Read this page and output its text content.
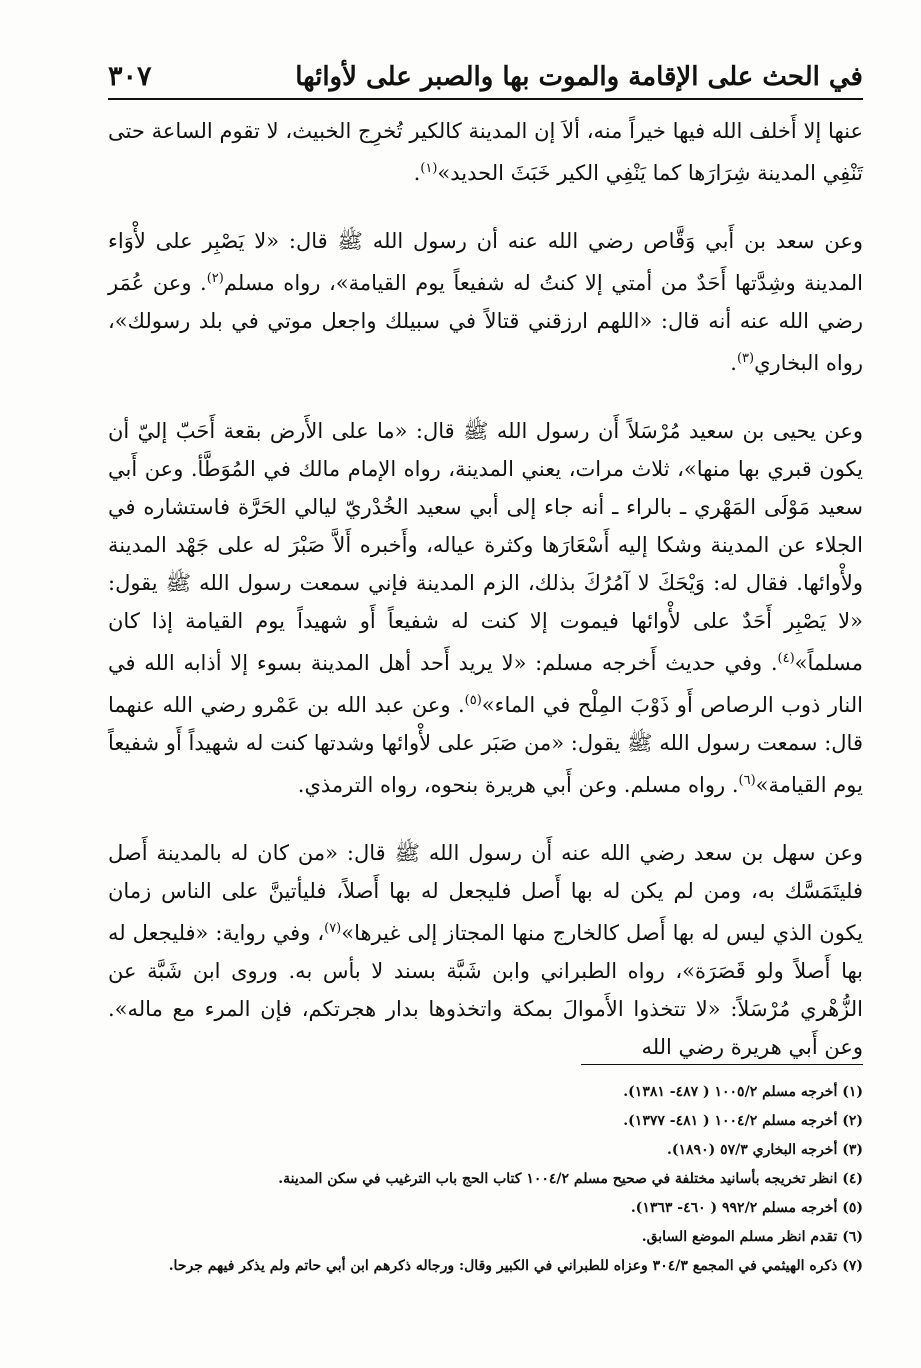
في الحث على الإقامة والموت بها والصبر على لأوائها
٣٠٧

عنها إلا أَخلف الله فيها خيراً منه، ألاَ إن المدينة كالكير تُخرِج الخبيث، لا تقوم الساعة حتى تَنْفِي المدينة شِرَارَها كما يَنْفِي الكير خَبَثَ الحديد»$^{(١)}$.

وعن سعد بن أَبي وَقَّاص رضي الله عنه أن رسول الله ﷺ قال: «لا يَصْبِر على لأْوَاء المدينة وشِدَّتها أَحَدٌ من أمتي إلا كنتُ له شفيعاً يوم القيامة»، رواه مسلم$^{(٢)}$. وعن عُمَر رضي الله عنه أنه قال: «اللهم ارزقني قتالاً في سبيلك واجعل موتي في بلد رسولك»، رواه البخاري$^{(٣)}$.

وعن يحيى بن سعيد مُرْسَلاً أَن رسول الله ﷺ قال: «ما على الأَرض بقعة أَحَبّ إليّ أن يكون قبري بها منها»، ثلاث مرات، يعني المدينة، رواه الإمام مالك في المُوَطَّأ. وعن أَبي سعيد مَوْلَى المَهْري ـ بالراء ـ أنه جاء إلى أبي سعيد الخُدْريّ ليالي الحَرَّة فاستشاره في الجلاء عن المدينة وشكا إليه أَسْعَارَها وكثرة عياله، وأَخبره أَلاَّ صَبْرَ له على جَهْد المدينة ولأْوائها. فقال له: وَيْحَكَ لا آمُرُكَ بذلك، الزم المدينة فإني سمعت رسول الله ﷺ يقول: «لا يَصْبِر أَحَدٌ على لأْوائها فيموت إلا كنت له شفيعاً أَو شهيداً يوم القيامة إذا كان مسلماً»$^{(٤)}$. وفي حديث أَخرجه مسلم: «لا يريد أَحد أهل المدينة بسوء إلا أذابه الله في النار ذوب الرصاص أَو ذَوْبَ المِلْح في الماء»$^{(٥)}$. وعن عبد الله بن عَمْرو رضي الله عنهما قال: سمعت رسول الله ﷺ يقول: «من صَبَر على لأْوائها وشدتها كنت له شهيداً أَو شفيعاً يوم القيامة»$^{(٦)}$. رواه مسلم. وعن أَبي هريرة بنحوه، رواه الترمذي.

وعن سهل بن سعد رضي الله عنه أَن رسول الله ﷺ قال: «من كان له بالمدينة أَصل فليتَمَسَّك به، ومن لم يكن له بها أَصل فليجعل له بها أَصلاً، فليأتينَّ على الناس زمان يكون الذي ليس له بها أَصل كالخارج منها المجتاز إلى غيرها»$^{(٧)}$، وفي رواية: «فليجعل له بها أَصلاً ولو قَصَرَة»، رواه الطبراني وابن شَبَّة بسند لا بأس به. وروى ابن شَبَّة عن الزُّهْري مُرْسَلاً: «لا تتخذوا الأَموالَ بمكة واتخذوها بدار هجرتكم، فإن المرء مع ماله». وعن أَبي هريرة رضي الله

(١) أخرجه مسلم ١٠٠٥/٢ ( ٤٨٧- ١٣٨١).

(٢) أخرجه مسلم ١٠٠٤/٢ ( ٤٨١- ١٣٧٧).

(٣) أخرجه البخاري ٥٧/٣ (١٨٩٠).

(٤) انظر تخريجه بأسانيد مختلفة في صحيح مسلم ١٠٠٤/٢ كتاب الحج باب الترغيب في سكن المدينة.

(٥) أخرجه مسلم ٩٩٢/٢ ( ٤٦٠- ١٣٦٣).

(٦) تقدم انظر مسلم الموضع السابق.

(٧) ذكره الهيثمي في المجمع ٣٠٤/٣ وعزاه للطبراني في الكبير وقال: ورجاله ذكرهم ابن أبي حاتم ولم يذكر فيهم جرحا.
